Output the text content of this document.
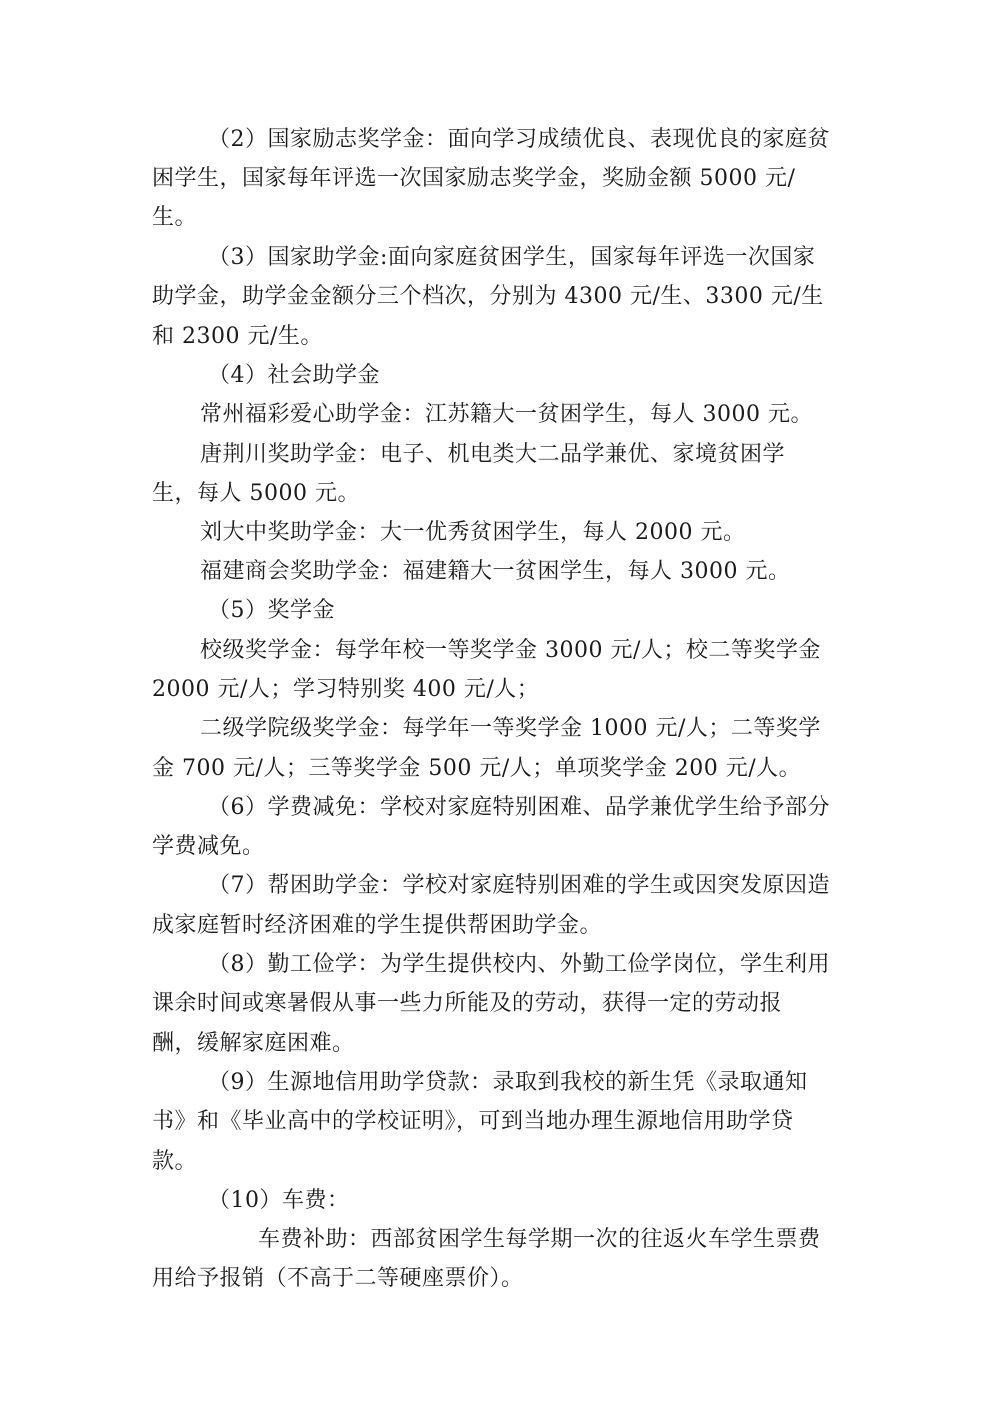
（2）国家励志奖学金：面向学习成绩优良、表现优良的家庭贫
困学生，国家每年评选一次国家励志奖学金，奖励金额 5000 元/
生。
（3）国家助学金:面向家庭贫困学生，国家每年评选一次国家
助学金，助学金金额分三个档次，分别为 4300 元/生、3300 元/生
和 2300 元/生。
（4）社会助学金
常州福彩爱心助学金：江苏籍大一贫困学生，每人 3000 元。
唐荆川奖助学金：电子、机电类大二品学兼优、家境贫困学
生，每人 5000 元。
刘大中奖助学金：大一优秀贫困学生，每人 2000 元。
福建商会奖助学金：福建籍大一贫困学生，每人 3000 元。
（5）奖学金
校级奖学金：每学年校一等奖学金 3000 元/人；校二等奖学金
2000 元/人；学习特别奖 400 元/人；
二级学院级奖学金：每学年一等奖学金 1000 元/人；二等奖学
金 700 元/人；三等奖学金 500 元/人；单项奖学金 200 元/人。
（6）学费减免：学校对家庭特别困难、品学兼优学生给予部分
学费减免。
（7）帮困助学金：学校对家庭特别困难的学生或因突发原因造
成家庭暂时经济困难的学生提供帮困助学金。
（8）勤工俭学：为学生提供校内、外勤工俭学岗位，学生利用
课余时间或寒暑假从事一些力所能及的劳动，获得一定的劳动报
酬，缓解家庭困难。
（9）生源地信用助学贷款：录取到我校的新生凭《录取通知
书》和《毕业高中的学校证明》，可到当地办理生源地信用助学贷
款。
（10）车费：
车费补助：西部贫困学生每学期一次的往返火车学生票费
用给予报销（不高于二等硬座票价）。
